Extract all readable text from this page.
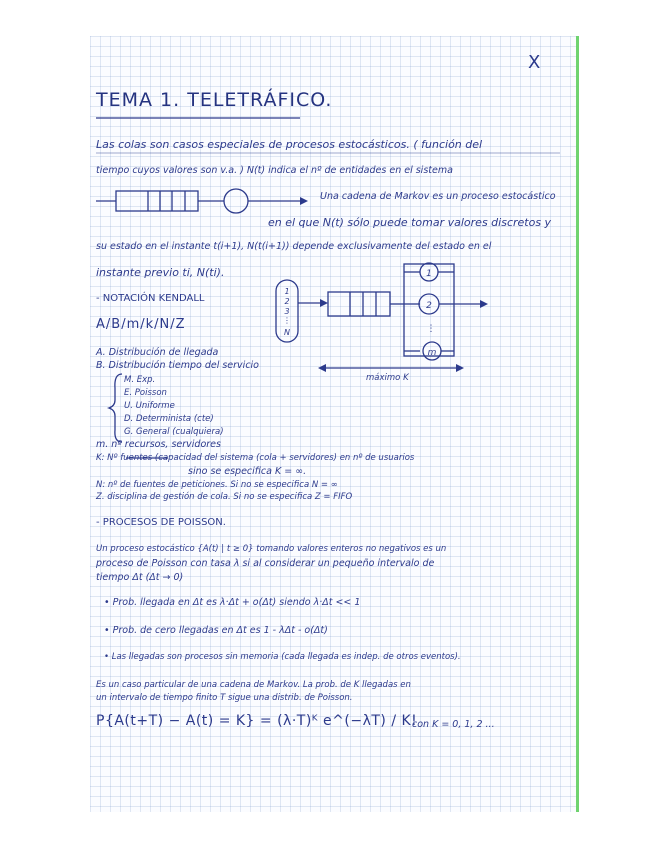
1
2
3
⋮
N
1
2
⋮
m
X
TEMA 1. TELETRÁFICO.
Las colas son casos especiales de procesos estocásticos. ( función del
tiempo cuyos valores son v.a. ) N(t) indica el nº de entidades en el sistema
Una cadena de Markov es un proceso estocástico
en el que N(t) sólo puede tomar valores discretos y
su estado en el instante t(i+1), N(t(i+1)) depende exclusivamente del estado en el
instante previo ti, N(ti).
- NOTACIÓN KENDALL
A/B/m/k/N/Z
máximo K
A. Distribución de llegada
B. Distribución tiempo del servicio
M. Exp.
E. Poisson
U. Uniforme
D. Determinista (cte)
G. General (cualquiera)
m. nº recursos, servidores
K: Nº fuentes (capacidad del sistema (cola + servidores) en nº de usuarios
sino se especifica K = ∞.
N: nº de fuentes de peticiones. Si no se especifica N = ∞
Z. disciplina de gestión de cola. Si no se especifica Z = FIFO
- PROCESOS DE POISSON.
Un proceso estocástico {A(t) | t ≥ 0} tomando valores enteros no negativos es un
proceso de Poisson con tasa λ si al considerar un pequeño intervalo de
tiempo Δt (Δt → 0)
• Prob. llegada en Δt es λ·Δt + o(Δt) siendo λ·Δt << 1
• Prob. de cero llegadas en Δt es 1 - λΔt - o(Δt)
• Las llegadas son procesos sin memoria (cada llegada es indep. de otros eventos).
Es un caso particular de una cadena de Markov. La prob. de K llegadas en
un intervalo de tiempo finito T sigue una distrib. de Poisson.
P{A(t+T) − A(t) = K} = (λ·T)ᴷ e^(−λT) / K!
con K = 0, 1, 2 ...
